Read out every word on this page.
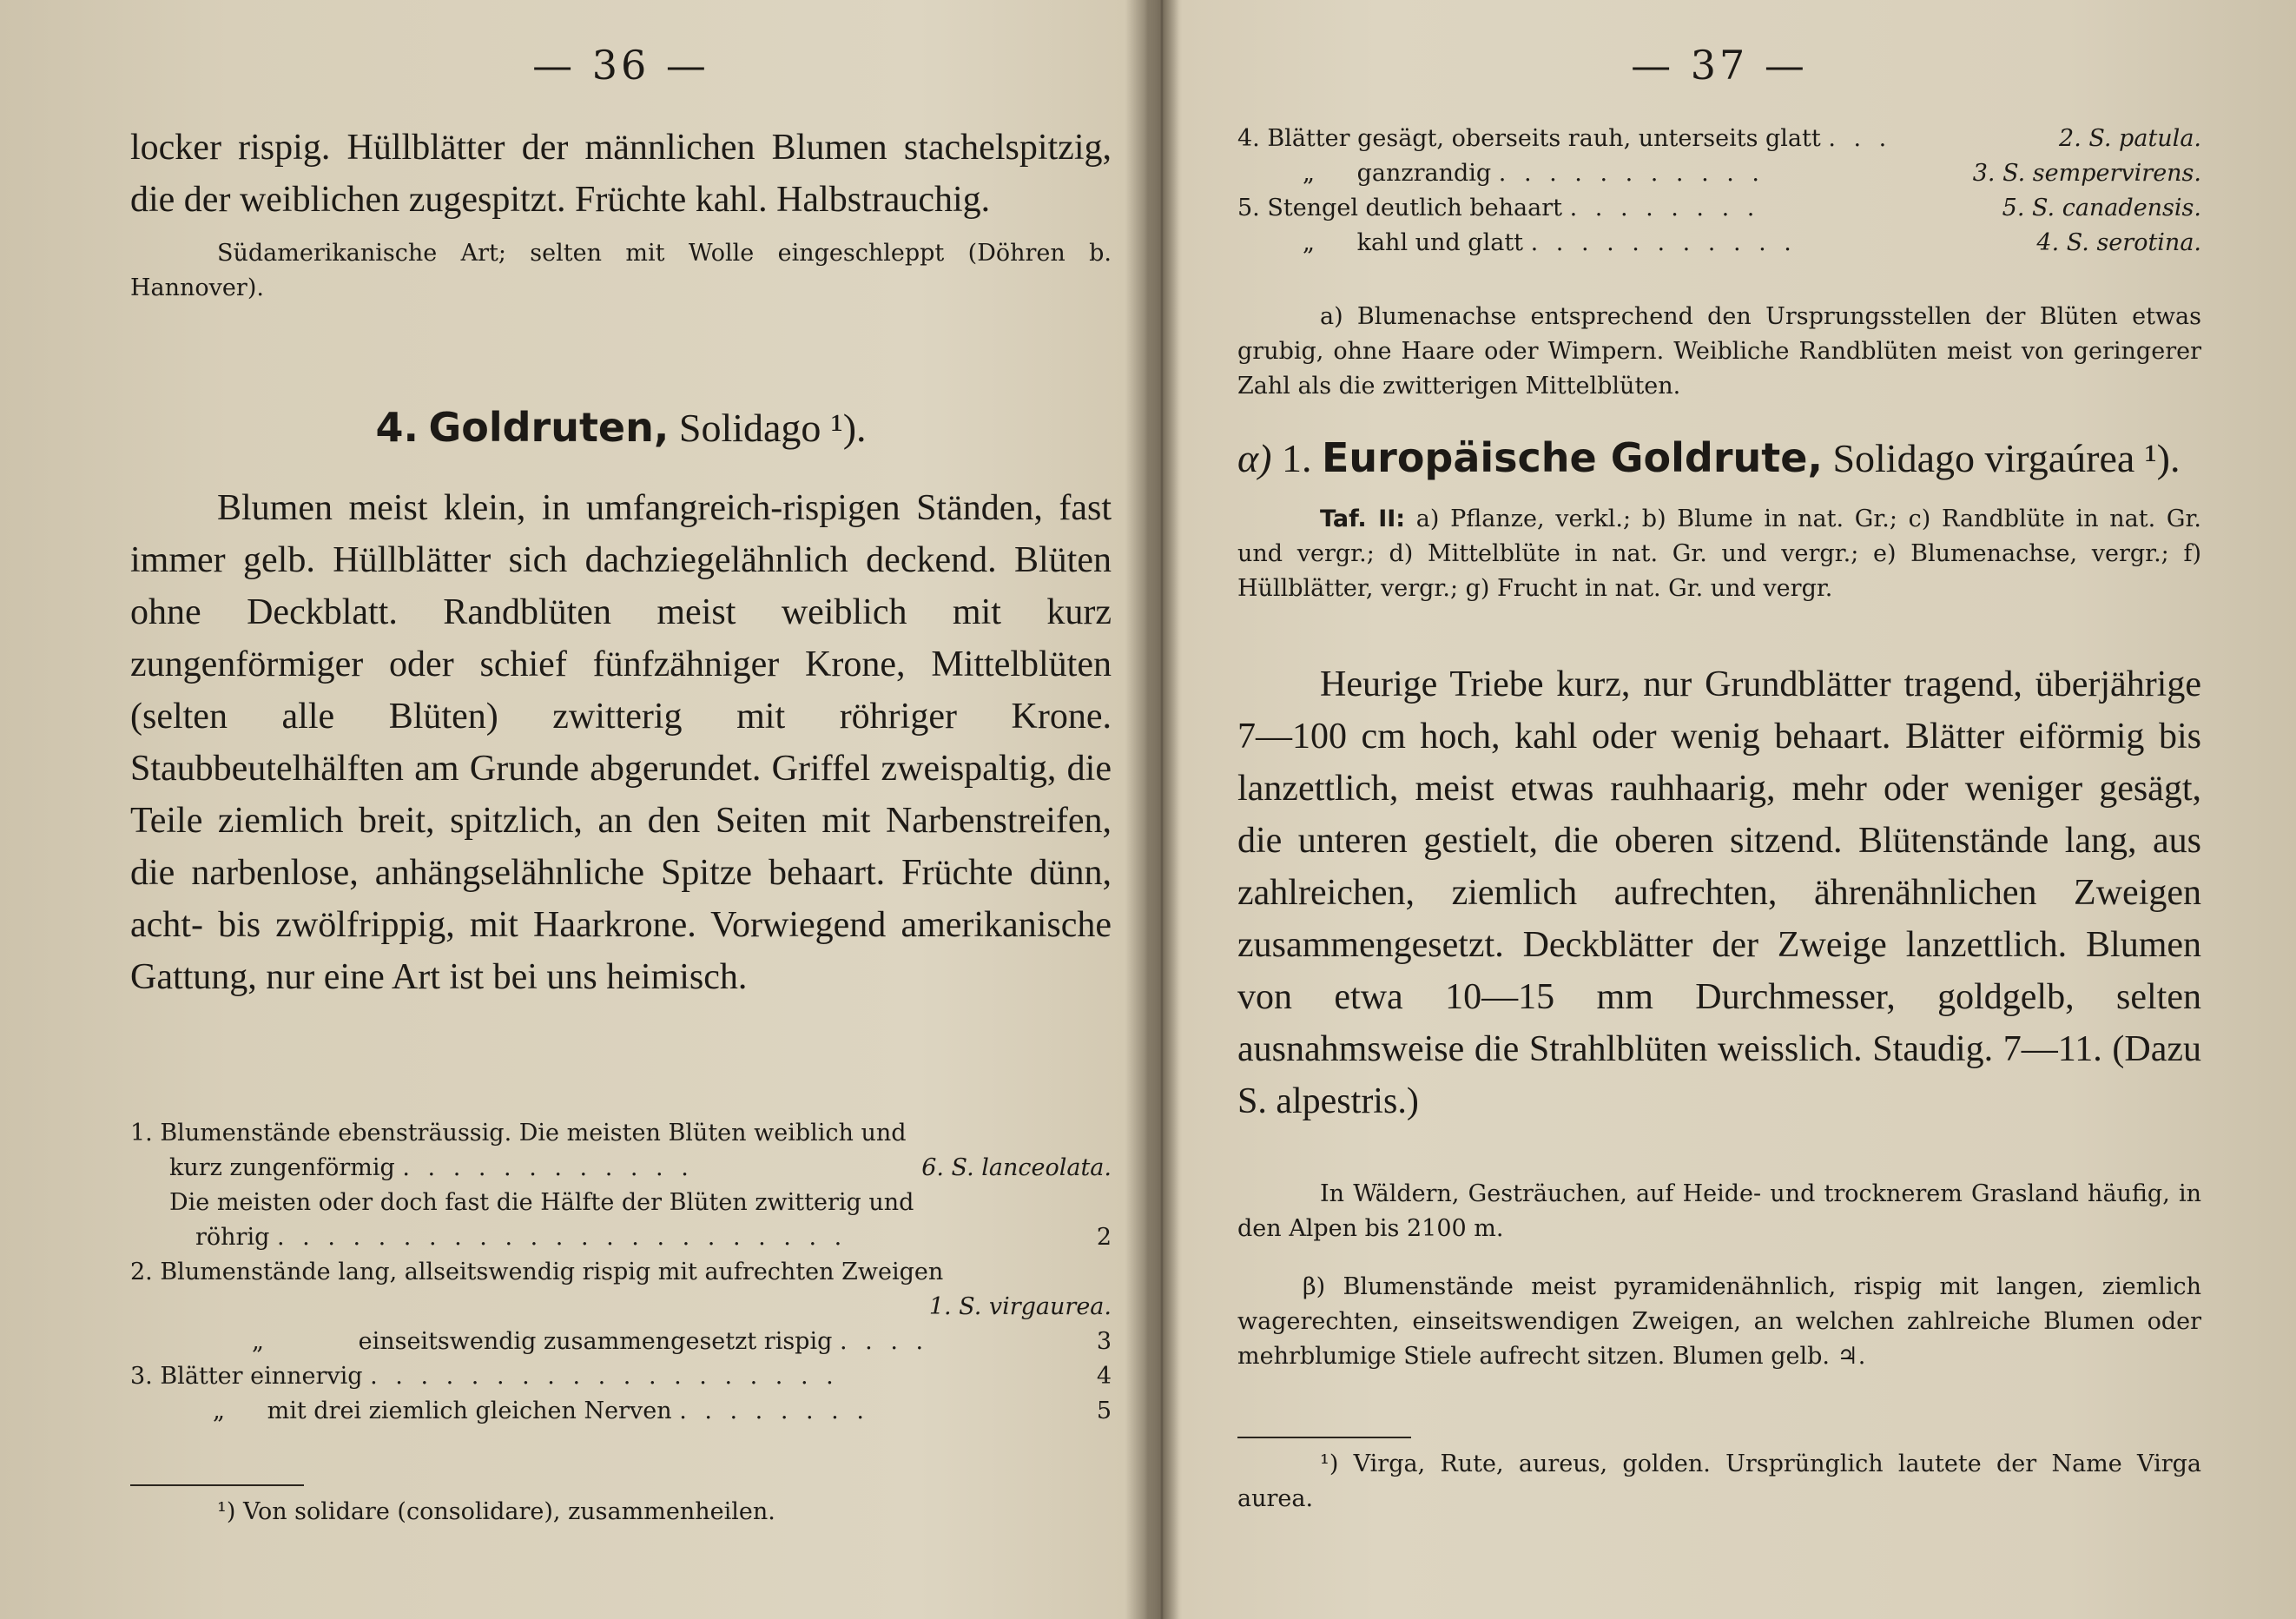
— 36 —

locker rispig. Hüllblätter der männlichen Blumen stachelspitzig, die der weiblichen zugespitzt. Früchte kahl. Halbstrauchig.

Südamerikanische Art; selten mit Wolle eingeschleppt (Döhren b. Hannover).

4. Goldruten, Solidago ¹).

Blumen meist klein, in umfangreich-rispigen Ständen, fast immer gelb. Hüllblätter sich dachziegelähnlich deckend. Blüten ohne Deckblatt. Randblüten meist weiblich mit kurz zungenförmiger oder schief fünfzähniger Krone, Mittelblüten (selten alle Blüten) zwitterig mit röhriger Krone. Staubbeutelhälften am Grunde abgerundet. Griffel zweispaltig, die Teile ziemlich breit, spitzlich, an den Seiten mit Narbenstreifen, die narbenlose, anhängselähnliche Spitze behaart. Früchte dünn, acht- bis zwölfrippig, mit Haarkrone. Vorwiegend amerikanische Gattung, nur eine Art ist bei uns heimisch.

1. Blumenstände ebensträussig. Die meisten Blüten weiblich und
kurz zungenförmig . . . . . . . . . . . .	6. S. lanceolata.
Die meisten oder doch fast die Hälfte der Blüten zwitterig und
röhrig . . . . . . . . . . . . . . . . . . . . . . .	2
2. Blumenstände lang, allseitswendig rispig mit aufrechten Zweigen

1. S. virgaurea.
„	einseitswendig zusammengesetzt rispig . . . .	3
3. Blätter einnervig . . . . . . . . . . . . . . . . . . .	4
„ mit drei ziemlich gleichen Nerven . . . . . . . .	5

¹) Von solidare (consolidare), zusammenheilen.

— 37 —
4. Blätter gesägt, oberseits rauh, unterseits glatt . . .	2. S. patula.
„ ganzrandig . . . . . . . . . . .	3. S. sempervirens.
5. Stengel deutlich behaart . . . . . . . .	5. S. canadensis.
„ kahl und glatt . . . . . . . . . . .	4. S. serotina.

a) Blumenachse entsprechend den Ursprungsstellen der Blüten etwas grubig, ohne Haare oder Wimpern. Weibliche Randblüten meist von geringerer Zahl als die zwitterigen Mittelblüten.

α) 1. Europäische Goldrute, Solidago virgaúrea ¹).

Taf. II: a) Pflanze, verkl.; b) Blume in nat. Gr.; c) Randblüte in nat. Gr. und vergr.; d) Mittelblüte in nat. Gr. und vergr.; e) Blumenachse, vergr.; f) Hüllblätter, vergr.; g) Frucht in nat. Gr. und vergr.

Heurige Triebe kurz, nur Grundblätter tragend, überjährige 7—100 cm hoch, kahl oder wenig behaart. Blätter eiförmig bis lanzettlich, meist etwas rauhhaarig, mehr oder weniger gesägt, die unteren gestielt, die oberen sitzend. Blütenstände lang, aus zahlreichen, ziemlich aufrechten, ährenähnlichen Zweigen zusammengesetzt. Deckblätter der Zweige lanzettlich. Blumen von etwa 10—15 mm Durchmesser, goldgelb, selten ausnahmsweise die Strahlblüten weisslich. Staudig. 7—11. (Dazu S. alpestris.)

In Wäldern, Gesträuchen, auf Heide- und trocknerem Grasland häufig, in den Alpen bis 2100 m.

β) Blumenstände meist pyramidenähnlich, rispig mit langen, ziemlich wagerechten, einseitswendigen Zweigen, an welchen zahlreiche Blumen oder mehrblumige Stiele aufrecht sitzen. Blumen gelb. ♃.

¹) Virga, Rute, aureus, golden. Ursprünglich lautete der Name Virga aurea.
